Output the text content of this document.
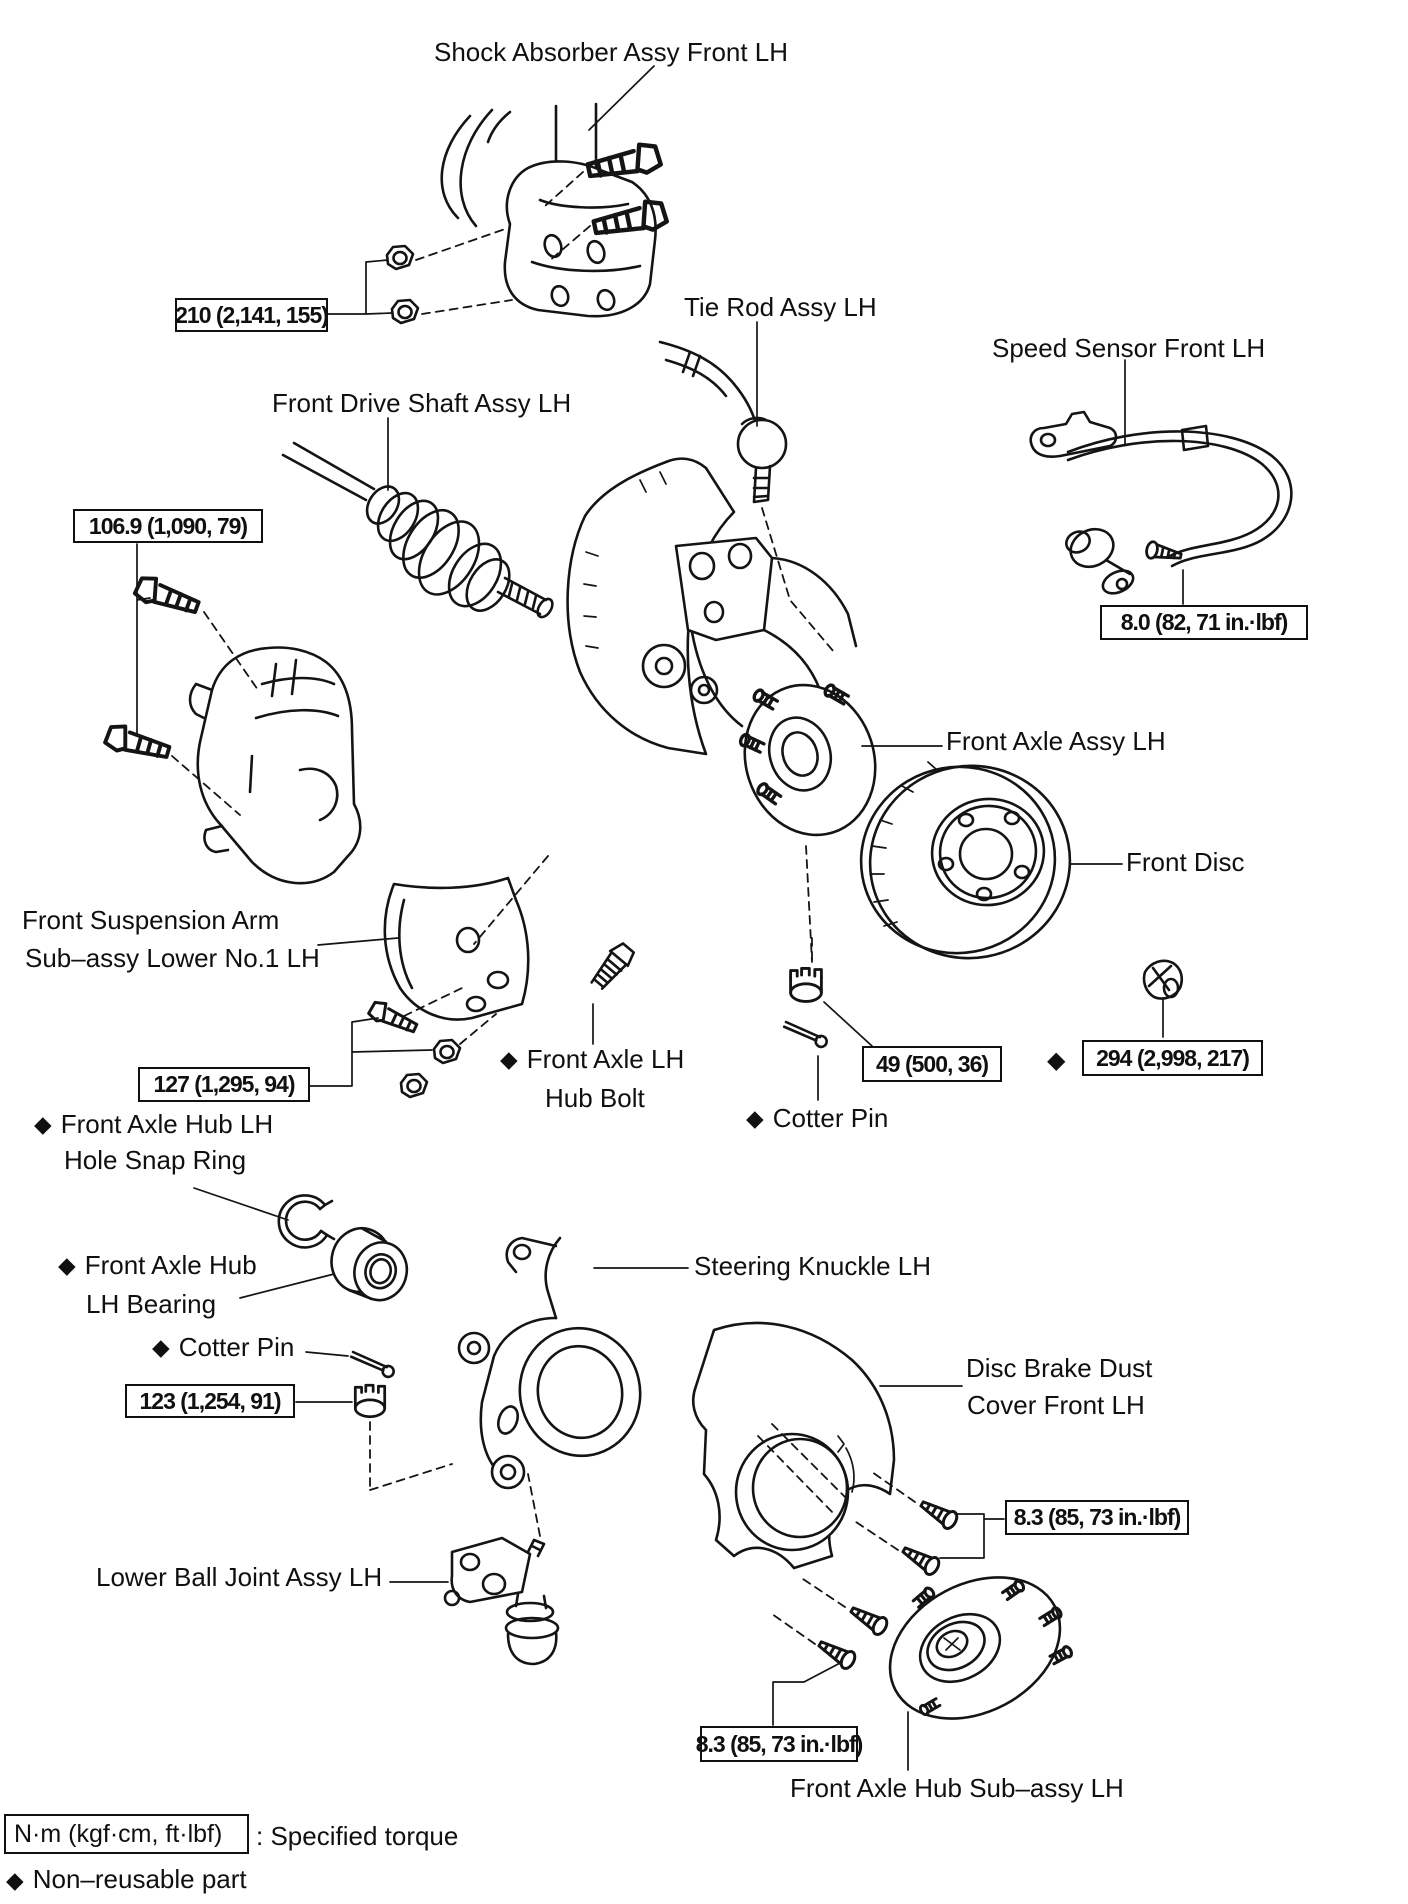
Shock Absorber Assy Front LH
210 (2,141, 155)	Tie Rod Assy LH
Speed Sensor Front LH
Front Drive Shaft Assy LH
106.9 (1,090, 79)
8.0 (82, 71 in.·lbf)
Front Axle Assy LH
Front Disc
Front Suspension Arm
Sub–assy Lower No.1 LH
127 (1,295, 94)
◆ Front Axle LH
Hub Bolt
49 (500, 36) ◆ 294 (2,998, 217)
◆ Cotter Pin
◆ Front Axle Hub LH
Hole Snap Ring
◆ Front Axle Hub
LH Bearing
◆ Cotter Pin
123 (1,254, 91)
Steering Knuckle LH
Disc Brake Dust
Cover Front LH
8.3 (85, 73 in.·lbf)
Lower Ball Joint Assy LH
8.3 (85, 73 in.·lbf)
Front Axle Hub Sub–assy LH
N·m (kgf·cm, ft·lbf) : Specified torque
◆ Non–reusable part
